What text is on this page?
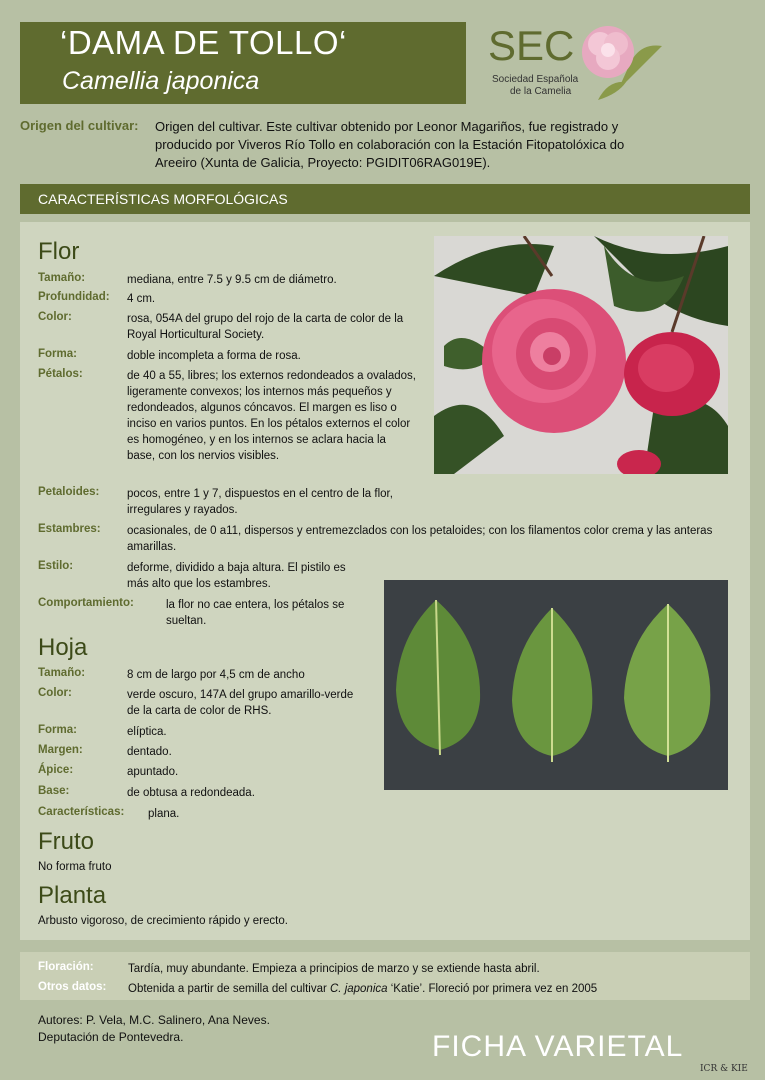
‘DAMA DE TOLLO‘
Camellia japonica
SEC
Sociedad Española
de la Camelia
Origen del cultivar: Origen del cultivar. Este cultivar obtenido por Leonor Magariños, fue registrado y
producido por Viveros Río Tollo en colaboración con la Estación Fitopatolóxica do
Areeiro (Xunta de Galicia, Proyecto: PGIDIT06RAG019E).
CARACTERÍSTICAS MORFOLÓGICAS
Flor
Tamaño:	mediana, entre 7.5 y 9.5 cm de diámetro.
Profundidad: 4 cm.
Color:	rosa, 054A del grupo del rojo de la carta de color de la Royal Horticultural Society.
Forma:	doble incompleta a forma de rosa.
Pétalos:	de 40 a 55, libres; los externos redondeados a ovalados, ligeramente convexos; los internos más pequeños y redondeados, algunos cóncavos. El margen es liso o inciso en varios puntos. En los pétalos externos el color es homogéneo, y en los internos se aclara hacia la base, con los nervios visibles.
Petaloides: pocos, entre 1 y 7, dispuestos en el centro de la flor, irregulares y rayados.
Estambres: ocasionales, de 0 a11, dispersos y entremezclados con los petaloides; con los filamentos color crema y las anteras amarillas.
Estilo:	deforme, dividido a baja altura. El pistilo es más alto que los estambres.
Comportamiento:	la flor no cae entera, los pétalos se sueltan.
Hoja
Tamaño:	8 cm de largo por 4,5 cm de ancho
Color:	verde oscuro, 147A del grupo amarillo-verde de la carta de color de RHS.
Forma:	elíptica.
Margen:	dentado.
Ápice:	apuntado.
Base:	de obtusa a redondeada.
Características: plana.
Fruto
No forma fruto
Planta
Arbusto vigoroso, de crecimiento rápido y erecto.
Floración:	Tardía, muy abundante. Empieza a principios de marzo y se extiende hasta abril.
Otros datos: Obtenida a partir de semilla del cultivar C. japonica ‘Katie’. Floreció por primera vez en 2005
Autores: P. Vela, M.C. Salinero, Ana Neves.
Deputación de Pontevedra.	FICHA VARIETAL
ICR & KIE
